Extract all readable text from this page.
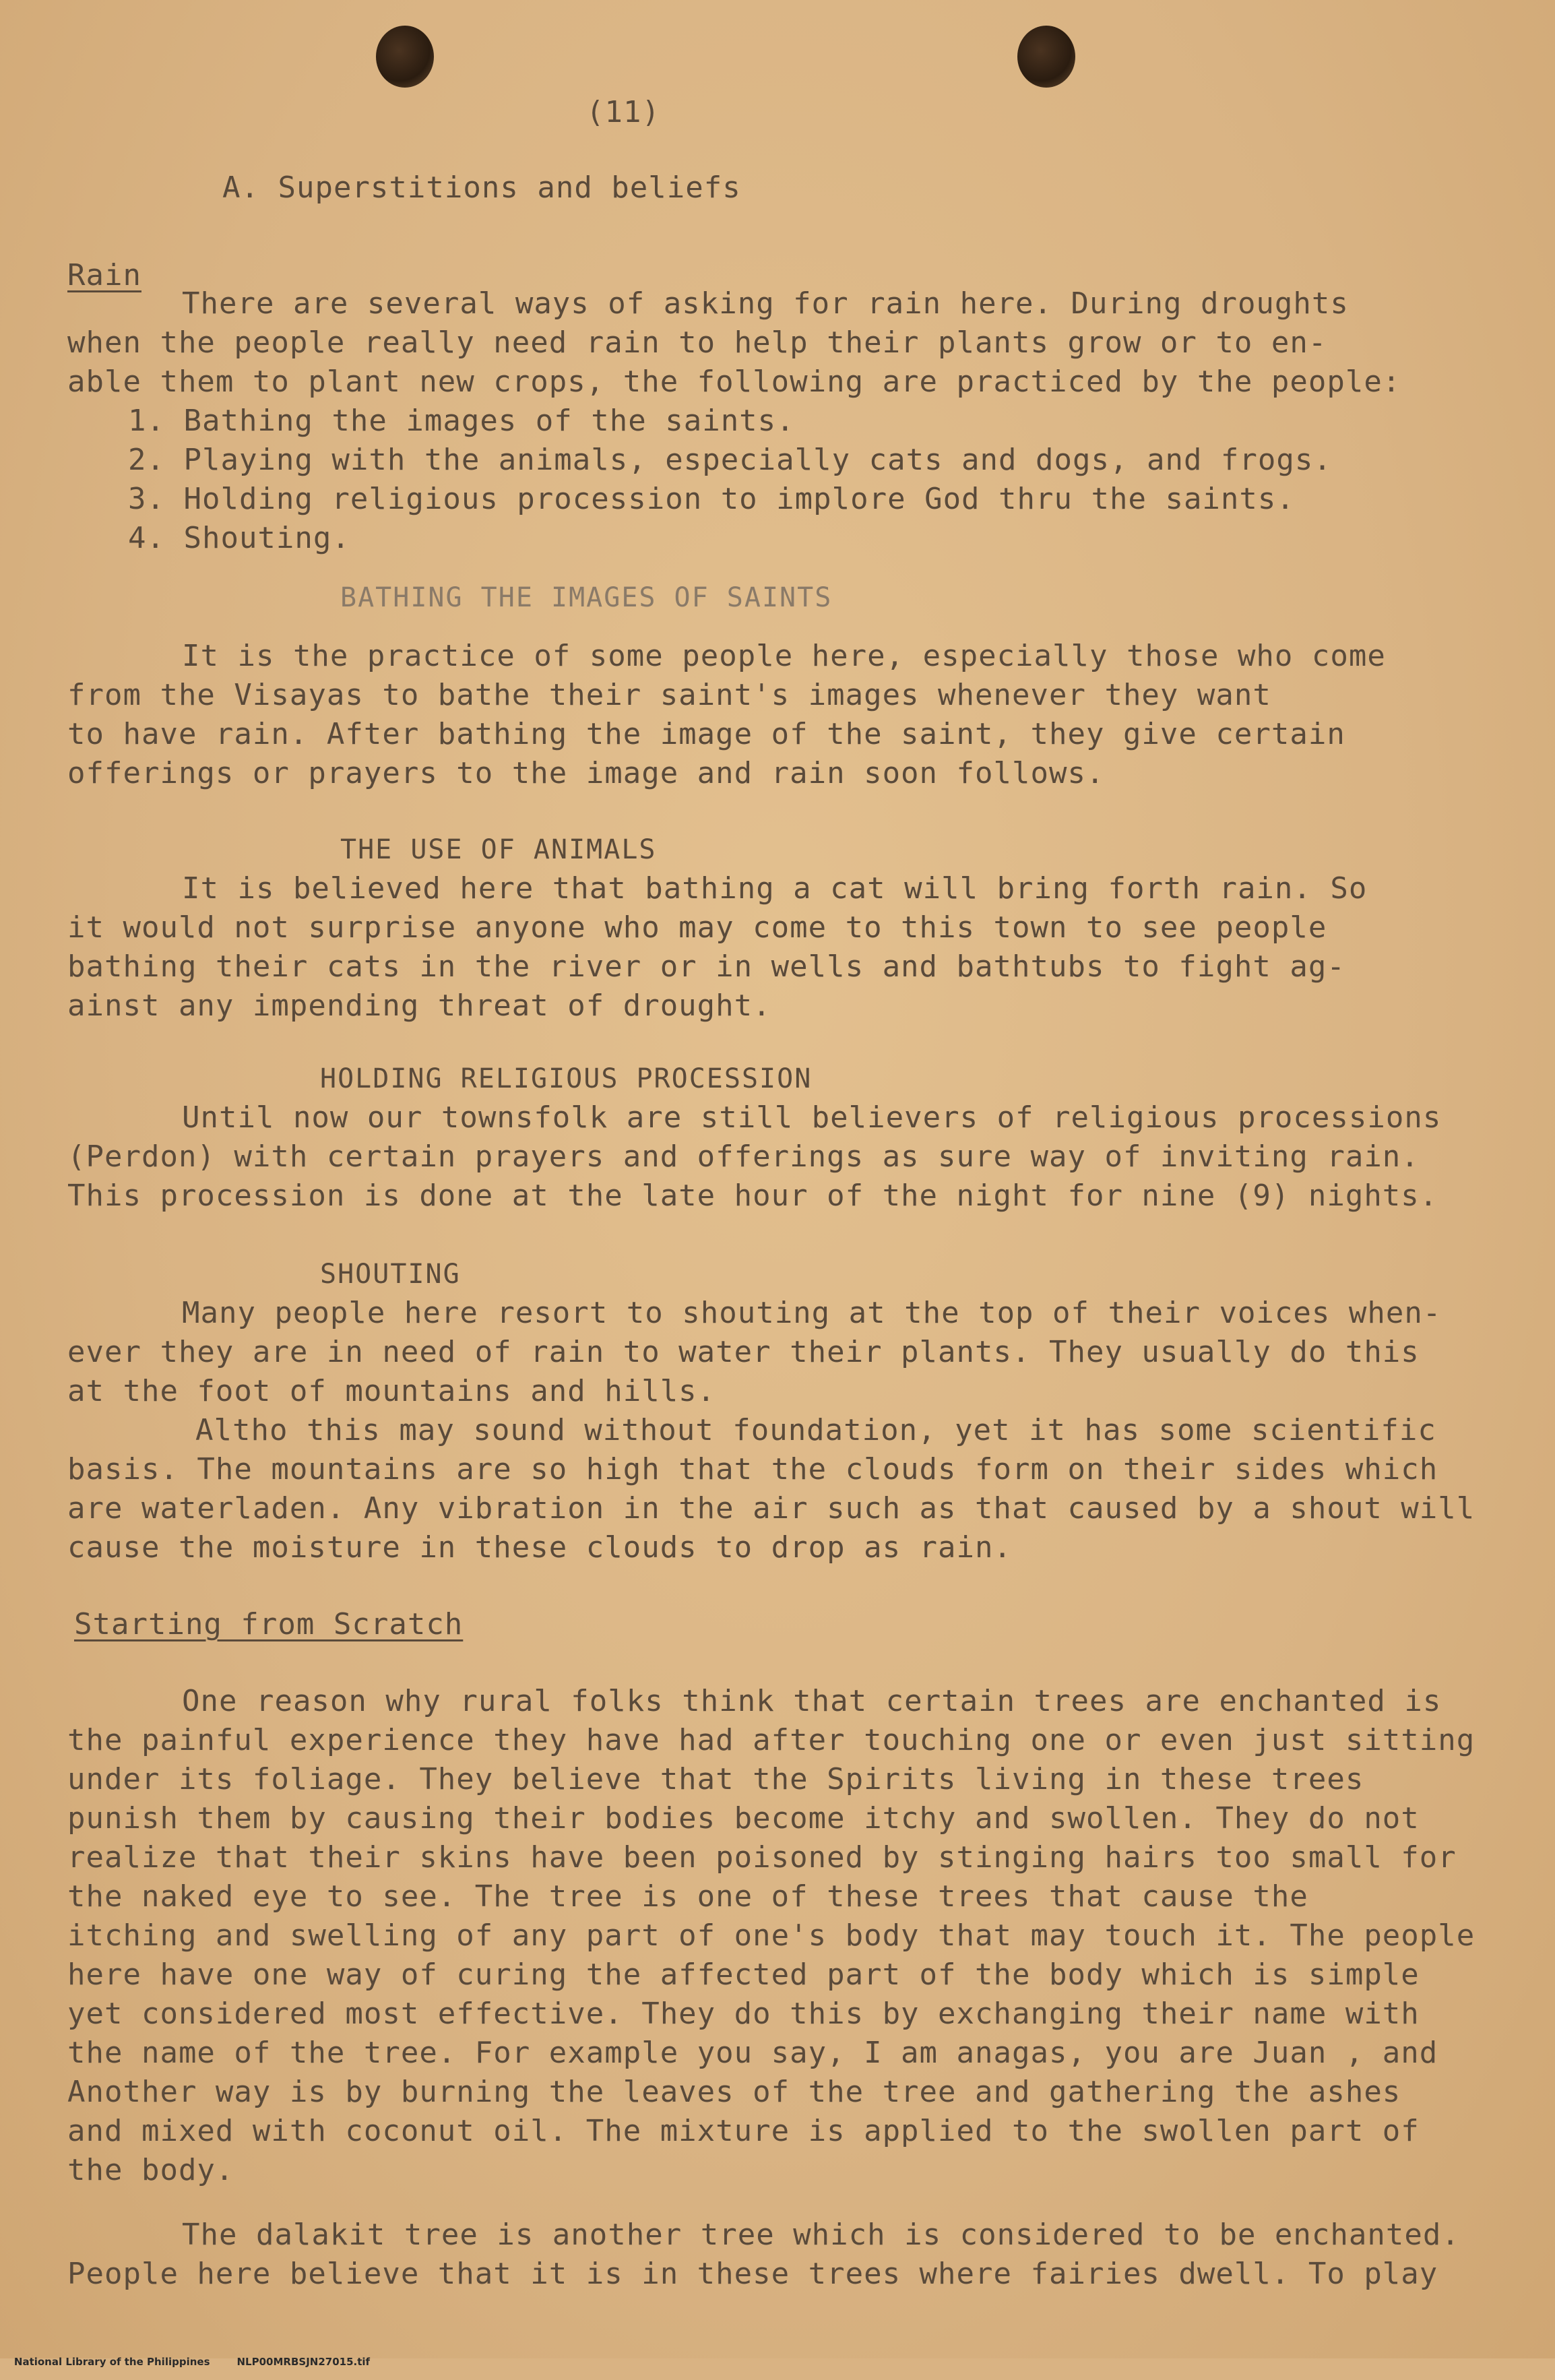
(11)
A. Superstitions and beliefs
Rain
There are several ways of asking for rain here. During droughts
when the people really need rain to help their plants grow or to en-
able them to plant new crops, the following are practiced by the people:
1. Bathing the images of the saints.
2. Playing with the animals, especially cats and dogs, and frogs.
3. Holding religious procession to implore God thru the saints.
4. Shouting.
BATHING THE IMAGES OF SAINTS
It is the practice of some people here, especially those who come
from the Visayas to bathe their saint's images whenever they want
to have rain. After bathing the image of the saint, they give certain
offerings or prayers to the image and rain soon follows.
THE USE OF ANIMALS
It is believed here that bathing a cat will bring forth rain. So
it would not surprise anyone who may come to this town to see people
bathing their cats in the river or in wells and bathtubs to fight ag-
ainst any impending threat of drought.
HOLDING RELIGIOUS PROCESSION
Until now our townsfolk are still believers of religious processions
(Perdon) with certain prayers and offerings as sure way of inviting rain.
This procession is done at the late hour of the night for nine (9) nights.
SHOUTING
Many people here resort to shouting at the top of their voices when-
ever they are in need of rain to water their plants. They usually do this
at the foot of mountains and hills.
Altho this may sound without foundation, yet it has some scientific
basis. The mountains are so high that the clouds form on their sides which
are waterladen. Any vibration in the air such as that caused by a shout will
cause the moisture in these clouds to drop as rain.
Starting from Scratch
One reason why rural folks think that certain trees are enchanted is
the painful experience they have had after touching one or even just sitting
under its foliage. They believe that the Spirits living in these trees
punish them by causing their bodies become itchy and swollen. They do not
realize that their skins have been poisoned by stinging hairs too small for
the naked eye to see. The tree is one of these trees that cause the
itching and swelling of any part of one's body that may touch it. The people
here have one way of curing the affected part of the body which is simple
yet considered most effective. They do this by exchanging their name with
the name of the tree. For example you say, I am anagas, you are Juan , and
Another way is by burning the leaves of the tree and gathering the ashes
and mixed with coconut oil. The mixture is applied to the swollen part of
the body.
The dalakit tree is another tree which is considered to be enchanted.
People here believe that it is in these trees where fairies dwell. To play

National Library of the Philippines	NLP00MRBSJN27015.tif
